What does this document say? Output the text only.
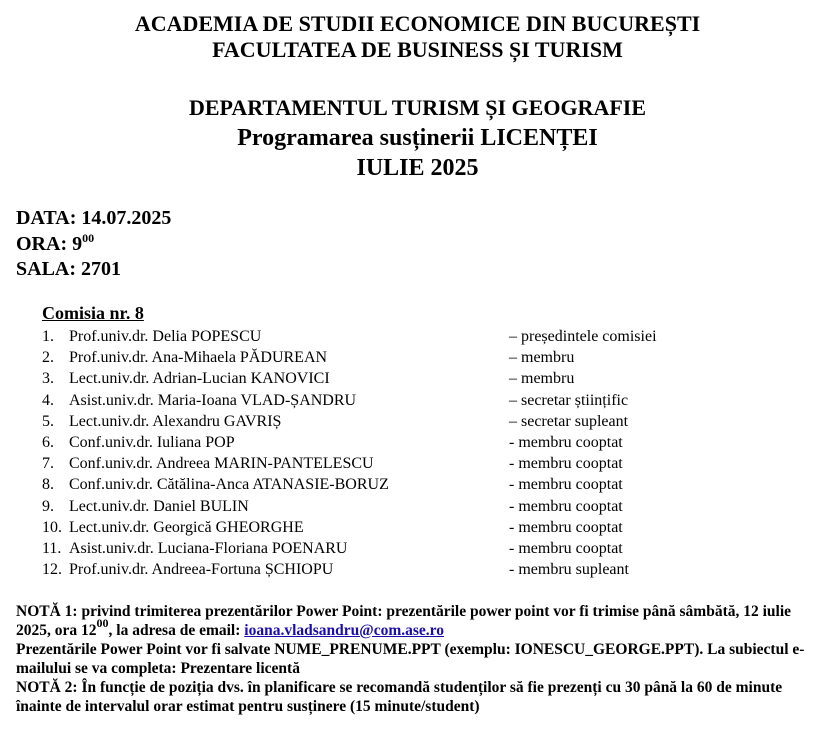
ACADEMIA DE STUDII ECONOMICE DIN BUCUREȘTI
FACULTATEA DE BUSINESS ȘI TURISM
DEPARTAMENTUL TURISM ȘI GEOGRAFIE
Programarea susținerii LICENȚEI
IULIE 2025
DATA: 14.07.2025
ORA: $9^{00}$
SALA: 2701
Comisia nr. 8
1. Prof.univ.dr. Delia POPESCU	– președintele comisiei
2. Prof.univ.dr. Ana-Mihaela PĂDUREAN	– membru
3. Lect.univ.dr. Adrian-Lucian KANOVICI	– membru
4. Asist.univ.dr. Maria-Ioana VLAD-ȘANDRU	– secretar științific
5. Lect.univ.dr. Alexandru GAVRIȘ	– secretar supleant
6. Conf.univ.dr. Iuliana POP	- membru cooptat
7. Conf.univ.dr. Andreea MARIN-PANTELESCU	- membru cooptat
8. Conf.univ.dr. Cătălina-Anca ATANASIE-BORUZ	- membru cooptat
9. Lect.univ.dr. Daniel BULIN	- membru cooptat
10. Lect.univ.dr. Georgică GHEORGHE	- membru cooptat
11. Asist.univ.dr. Luciana-Floriana POENARU	- membru cooptat
12. Prof.univ.dr. Andreea-Fortuna ȘCHIOPU	- membru supleant

NOTĂ 1: privind trimiterea prezentărilor Power Point: prezentările power point vor fi trimise până sâmbătă, 12 iulie 2025, ora $12^{00}$, la adresa de email: ioana.vladsandru@com.ase.ro

Prezentările Power Point vor fi salvate NUME_PRENUME.PPT (exemplu: IONESCU_GEORGE.PPT). La subiectul e-mailului se va completa: Prezentare licentă

NOTĂ 2: În funcție de poziția dvs. în planificare se recomandă studenților să fie prezenți cu 30 până la 60 de minute înainte de intervalul orar estimat pentru susținere (15 minute/student)
